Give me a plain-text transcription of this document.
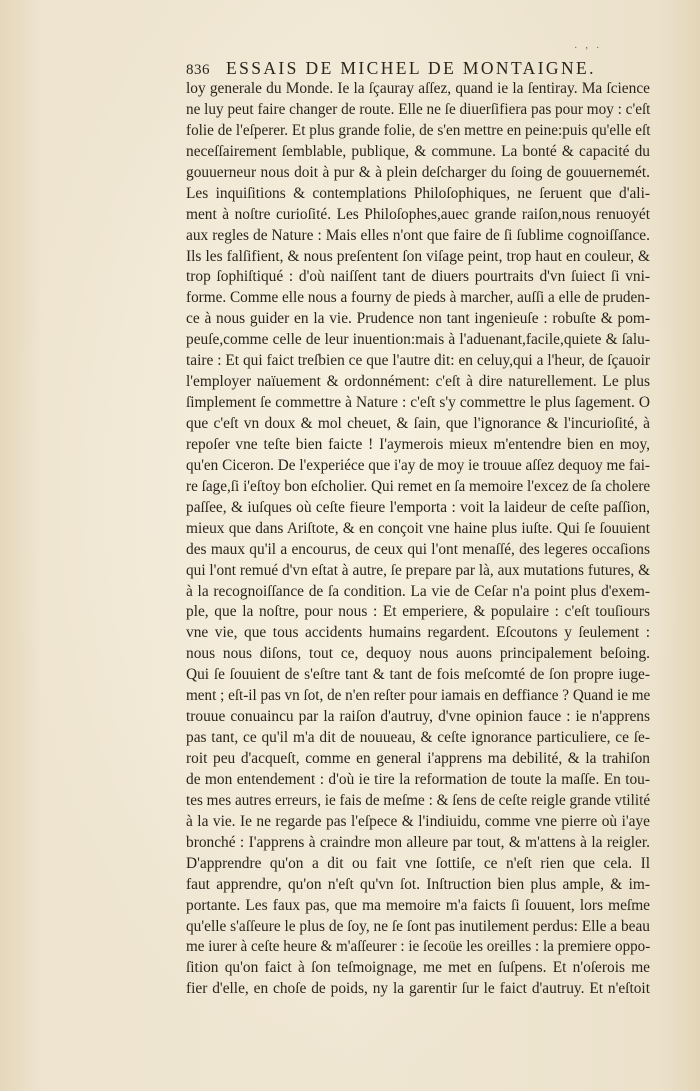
. , .
836 ESSAIS DE MICHEL DE MONTAIGNE.
loy generale du Monde. Ie la ſçauray aſſez, quand ie la ſentiray. Ma ſcience
ne luy peut faire changer de route. Elle ne ſe diuerſifiera pas pour moy : c'eſt
folie de l'eſperer. Et plus grande folie, de s'en mettre en peine:puis qu'elle eſt
neceſſairement ſemblable, publique, & commune. La bonté & capacité du
gouuerneur nous doit à pur & à plein deſcharger du ſoing de gouuernemét.
Les inquiſitions & contemplations Philoſophiques, ne ſeruent que d'ali-
ment à noſtre curioſité. Les Philoſophes,auec grande raiſon,nous renuoyét
aux regles de Nature : Mais elles n'ont que faire de ſi ſublime cognoiſſance.
Ils les falſifient, & nous preſentent ſon viſage peint, trop haut en couleur, &
trop ſophiſtiqué : d'où naiſſent tant de diuers pourtraits d'vn ſuiect ſi vni-
forme. Comme elle nous a fourny de pieds à marcher, auſſi a elle de pruden-
ce à nous guider en la vie. Prudence non tant ingenieuſe : robuſte & pom-
peuſe,comme celle de leur inuention:mais à l'aduenant,facile,quiete & ſalu-
taire : Et qui faict treſbien ce que l'autre dit: en celuy,qui a l'heur, de ſçauoir
l'employer naïuement & ordonnément: c'eſt à dire naturellement. Le plus
ſimplement ſe commettre à Nature : c'eſt s'y commettre le plus ſagement. O
que c'eſt vn doux & mol cheuet, & ſain, que l'ignorance & l'incurioſité, à
repoſer vne teſte bien faicte ! I'aymerois mieux m'entendre bien en moy,
qu'en Ciceron. De l'experiéce que i'ay de moy ie trouue aſſez dequoy me fai-
re ſage,ſi i'eſtoy bon eſcholier. Qui remet en ſa memoire l'excez de ſa cholere
paſſee, & iuſques où ceſte fieure l'emporta : voit la laideur de ceſte paſſion,
mieux que dans Ariſtote, & en conçoit vne haine plus iuſte. Qui ſe ſouuient
des maux qu'il a encourus, de ceux qui l'ont menaſſé, des legeres occaſions
qui l'ont remué d'vn eſtat à autre, ſe prepare par là, aux mutations futures, &
à la recognoiſſance de ſa condition. La vie de Ceſar n'a point plus d'exem-
ple, que la noſtre, pour nous : Et emperiere, & populaire : c'eſt touſiours
vne vie, que tous accidents humains regardent. Eſcoutons y ſeulement :
nous nous diſons, tout ce, dequoy nous auons principalement beſoing.
Qui ſe ſouuient de s'eſtre tant & tant de fois meſcomté de ſon propre iuge-
ment ; eſt-il pas vn ſot, de n'en reſter pour iamais en deffiance ? Quand ie me
trouue conuaincu par la raiſon d'autruy, d'vne opinion fauce : ie n'apprens
pas tant, ce qu'il m'a dit de nouueau, & ceſte ignorance particuliere, ce ſe-
roit peu d'acqueſt, comme en general i'apprens ma debilité, & la trahiſon
de mon entendement : d'où ie tire la reformation de toute la maſſe. En tou-
tes mes autres erreurs, ie fais de meſme : & ſens de ceſte reigle grande vtilité
à la vie. Ie ne regarde pas l'eſpece & l'indiuidu, comme vne pierre où i'aye
bronché : I'apprens à craindre mon alleure par tout, & m'attens à la reigler.
D'apprendre qu'on a dit ou fait vne ſottiſe, ce n'eſt rien que cela. Il
faut apprendre, qu'on n'eſt qu'vn ſot. Inſtruction bien plus ample, & im-
portante. Les faux pas, que ma memoire m'a faicts ſi ſouuent, lors meſme
qu'elle s'aſſeure le plus de ſoy, ne ſe ſont pas inutilement perdus: Elle a beau
me iurer à ceſte heure & m'aſſeurer : ie ſecoüe les oreilles : la premiere oppo-
ſition qu'on faict à ſon teſmoignage, me met en ſuſpens. Et n'oſerois me
fier d'elle, en choſe de poids, ny la garentir ſur le faict d'autruy. Et n'eſtoit
